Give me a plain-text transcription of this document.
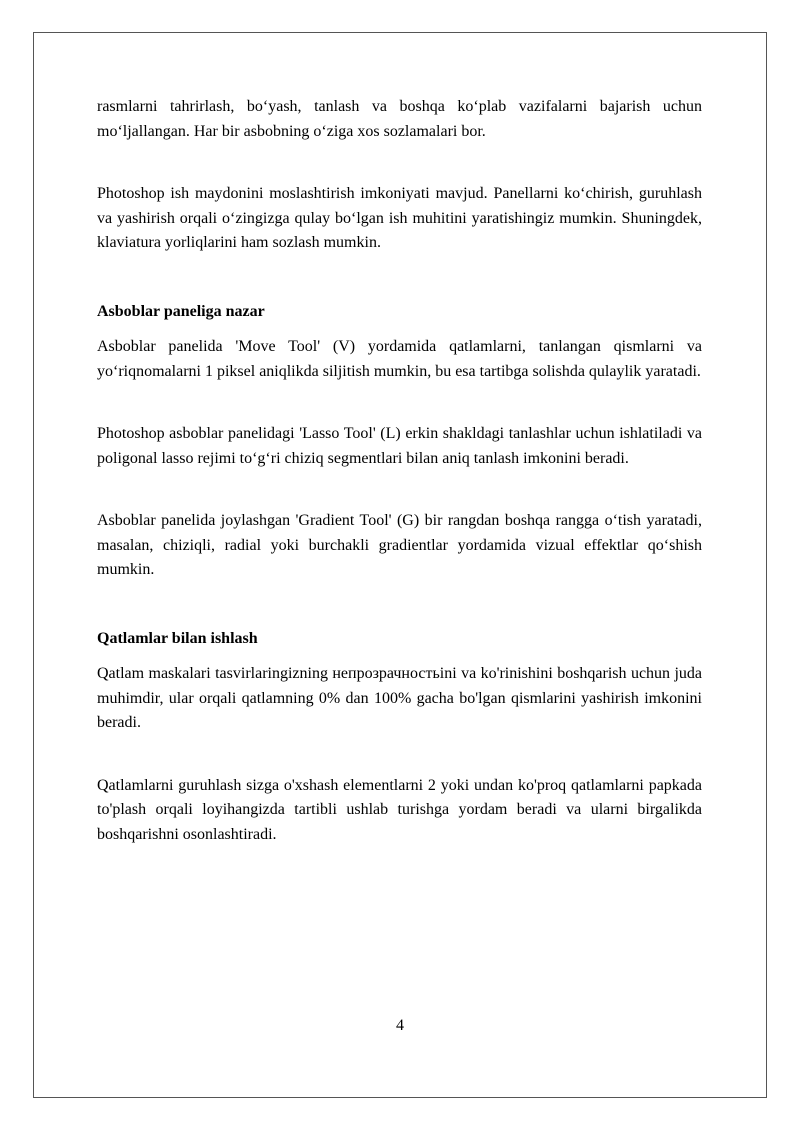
rasmlarni tahrirlash, bo‘yash, tanlash va boshqa ko‘plab vazifalarni bajarish uchun mo‘ljallangan. Har bir asbobning o‘ziga xos sozlamalari bor.

Photoshop ish maydonini moslashtirish imkoniyati mavjud. Panellarni ko‘chirish, guruhlash va yashirish orqali o‘zingizga qulay bo‘lgan ish muhitini yaratishingiz mumkin. Shuningdek, klaviatura yorliqlarini ham sozlash mumkin.

Asboblar paneliga nazar

Asboblar panelida 'Move Tool' (V) yordamida qatlamlarni, tanlangan qismlarni va yo‘riqnomalarni 1 piksel aniqlikda siljitish mumkin, bu esa tartibga solishda qulaylik yaratadi.

Photoshop asboblar panelidagi 'Lasso Tool' (L) erkin shakldagi tanlashlar uchun ishlatiladi va poligonal lasso rejimi to‘g‘ri chiziq segmentlari bilan aniq tanlash imkonini beradi.

Asboblar panelida joylashgan 'Gradient Tool' (G) bir rangdan boshqa rangga o‘tish yaratadi, masalan, chiziqli, radial yoki burchakli gradientlar yordamida vizual effektlar qo‘shish mumkin.

Qatlamlar bilan ishlash

Qatlam maskalari tasvirlaringizning непрозрачностьini va ko'rinishini boshqarish uchun juda muhimdir, ular orqali qatlamning 0% dan 100% gacha bo'lgan qismlarini yashirish imkonini beradi.

Qatlamlarni guruhlash sizga o'xshash elementlarni 2 yoki undan ko'proq qatlamlarni papkada to'plash orqali loyihangizda tartibli ushlab turishga yordam beradi va ularni birgalikda boshqarishni osonlashtiradi.

4
